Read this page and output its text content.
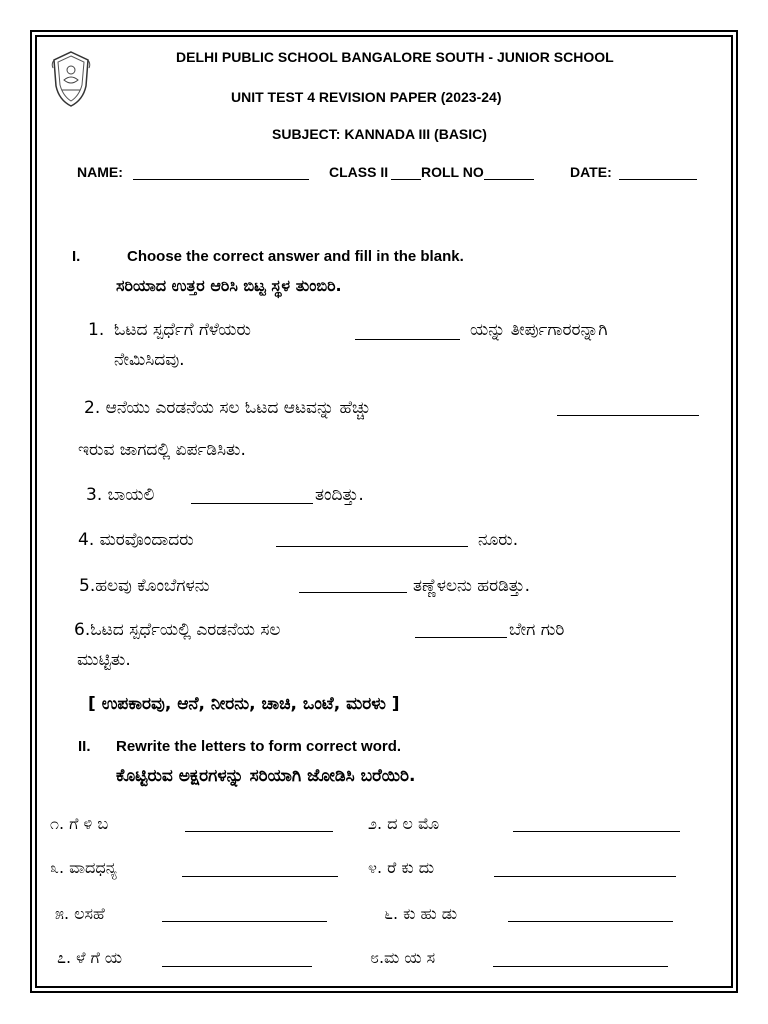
DELHI PUBLIC SCHOOL BANGALORE SOUTH - JUNIOR SCHOOL
UNIT TEST 4 REVISION PAPER (2023-24)
SUBJECT: KANNADA III (BASIC)
NAME:	CLASS II ROLL NO	DATE:
I.	Choose the correct answer and fill in the blank.
ಸರಿಯಾದ ಉತ್ತರ ಆರಿಸಿ ಬಿಟ್ಟ ಸ್ಥಳ ತುಂಬಿರಿ.
1. ಓಟದ ಸ್ಪರ್ಧೆಗೆ ಗೆಳೆಯರು	ಯನ್ನು ತೀರ್ಪುಗಾರರನ್ನಾಗಿ
ನೇಮಿಸಿದವು.
2. ಆನೆಯು ಎರಡನೆಯ ಸಲ ಓಟದ ಆಟವನ್ನು ಹೆಚ್ಚು
ಇರುವ ಜಾಗದಲ್ಲಿ ಏರ್ಪಡಿಸಿತು.
3. ಬಾಯಲಿ	ತಂದಿತ್ತು.
4. ಮರವೊಂದಾದರು	ನೂರು.
5.ಹಲವು ಕೊಂಬೆಗಳನು	ತಣ್ಣೆಳಲನು ಹರಡಿತ್ತು.
6.ಓಟದ ಸ್ಪರ್ಧೆಯಲ್ಲಿ ಎರಡನೆಯ ಸಲ	ಬೇಗ ಗುರಿ
ಮುಟ್ಟಿತು.
[ ಉಪಕಾರವು, ಆನೆ, ನೀರನು, ಚಾಚಿ, ಒಂಟೆ, ಮರಳು ]
II. Rewrite the letters to form correct word.
ಕೊಟ್ಟಿರುವ ಅಕ್ಷರಗಳನ್ನು ಸರಿಯಾಗಿ ಜೋಡಿಸಿ ಬರೆಯಿರಿ.
೧. ಗೆ ಳಿ ಬ	೨. ದ ಲ ಮೊ
೩. ವಾದಧನ್ಯ	೪. ರೆ ಕು ದು
೫. ಲಸಹೆ	೬. ಕು ಹು ಡು
೭. ಳೆ ಗೆ ಯ	೮.ಮ ಯ ಸ
